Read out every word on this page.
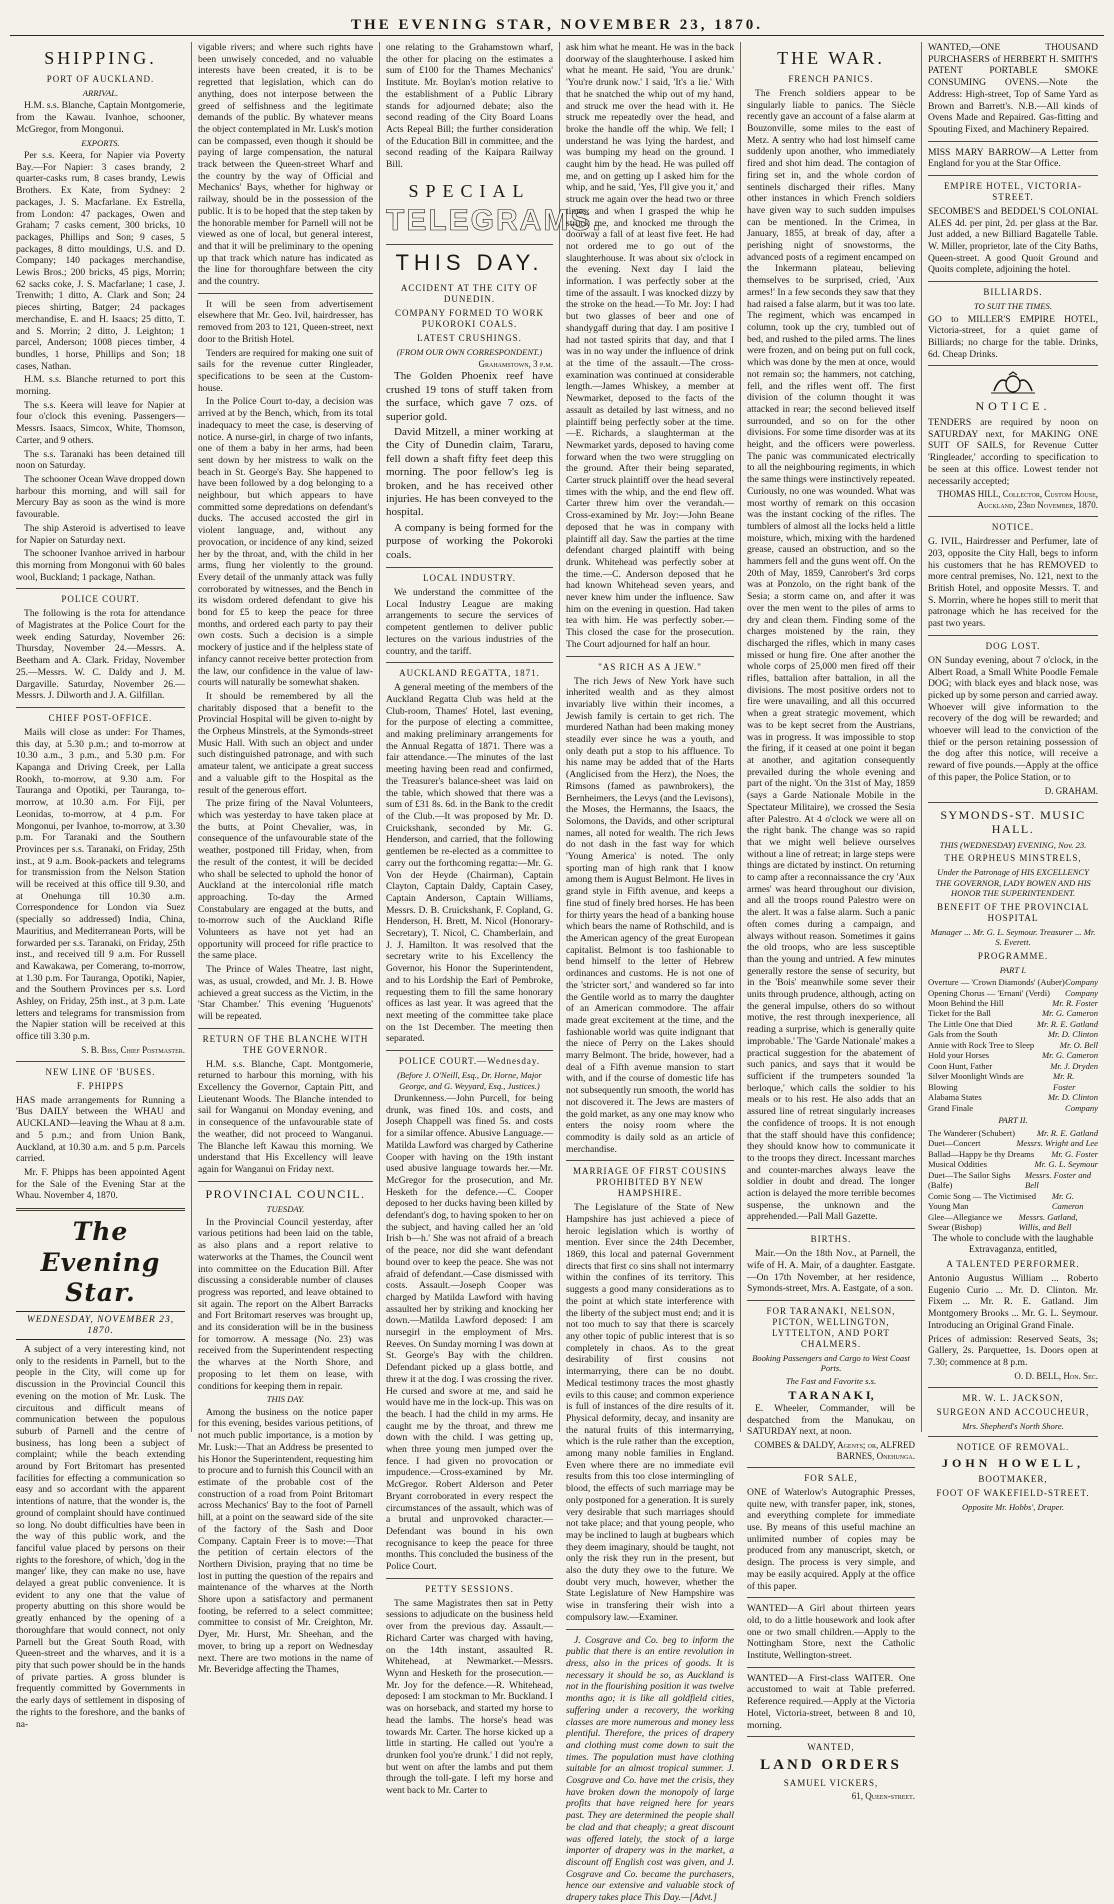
THE EVENING STAR, NOVEMBER 23, 1870.
SHIPPING.
PORT OF AUCKLAND.
ARRIVAL.

H.M. s.s. Blanche, Captain Montgomerie, from the Kawau. Ivanhoe, schooner, McGregor, from Mongonui.

EXPORTS.

Per s.s. Keera, for Napier via Poverty Bay.—For Napier: 3 cases brandy, 2 quarter-casks rum, 8 cases brandy, Lewis Brothers. Ex Kate, from Sydney: 2 packages, J. S. Macfarlane. Ex Estrella, from London: 47 packages, Owen and Graham; 7 casks cement, 300 bricks, 10 packages, Phillips and Son; 9 cases, 5 packages, 8 ditto mouldings, U.S. and D. Company; 140 packages merchandise, Lewis Bros.; 200 bricks, 45 pigs, Morrin; 62 sacks coke, J. S. Macfarlane; 1 case, J. Trenwith; 1 ditto, A. Clark and Son; 24 pieces shirting, Batger; 24 packages merchandise, E. and H. Isaacs; 25 ditto, T. and S. Morrin; 2 ditto, J. Leighton; 1 parcel, Anderson; 1008 pieces timber, 4 bundles, 1 horse, Phillips and Son; 18 cases, Nathan.

H.M. s.s. Blanche returned to port this morning.

The s.s. Keera will leave for Napier at four o'clock this evening. Passengers—Messrs. Isaacs, Simcox, White, Thomson, Carter, and 9 others.

The s.s. Taranaki has been detained till noon on Saturday.

The schooner Ocean Wave dropped down harbour this morning, and will sail for Mercury Bay as soon as the wind is more favourable.

The ship Asteroid is advertised to leave for Napier on Saturday next.

The schooner Ivanhoe arrived in harbour this morning from Mongonui with 60 bales wool, Buckland; 1 package, Nathan.

POLICE COURT.

The following is the rota for attendance of Magistrates at the Police Court for the week ending Saturday, November 26: Thursday, November 24.—Messrs. A. Beetham and A. Clark. Friday, November 25.—Messrs. W. C. Daldy and J. M. Dargaville. Saturday, November 26.—Messrs. J. Dilworth and J. A. Gilfillan.

CHIEF POST-OFFICE.

Mails will close as under: For Thames, this day, at 5.30 p.m.; and to-morrow at 10.30 a.m., 3 p.m., and 5.30 p.m. For Kapanga and Driving Creek, per Lalla Rookh, to-morrow, at 9.30 a.m. For Tauranga and Opotiki, per Tauranga, to-morrow, at 10.30 a.m. For Fiji, per Leonidas, to-morrow, at 4 p.m. For Mongonui, per Ivanhoe, to-morrow, at 3.30 p.m. For Taranaki and the Southern Provinces per s.s. Taranaki, on Friday, 25th inst., at 9 a.m. Book-packets and telegrams for transmission from the Nelson Station will be received at this office till 9.30, and at Onehunga till 10.30 a.m. Correspondence for London via Suez (specially so addressed) India, China, Mauritius, and Mediterranean Ports, will be forwarded per s.s. Taranaki, on Friday, 25th inst., and received till 9 a.m. For Russell and Kawakawa, per Comerang, to-morrow, at 1.30 p.m. For Tauranga, Opotiki, Napier, and the Southern Provinces per s.s. Lord Ashley, on Friday, 25th inst., at 3 p.m. Late letters and telegrams for transmission from the Napier station will be received at this office till 3.30 p.m.

S. B. Biss, Chief Postmaster.
NEW LINE OF 'BUSES.
F. PHIPPS

HAS made arrangements for Running a 'Bus DAILY between the WHAU and AUCKLAND—leaving the Whau at 8 a.m. and 5 p.m.; and from Union Bank, Auckland, at 10.30 a.m. and 5 p.m. Parcels carried.

Mr. F. Phipps has been appointed Agent for the Sale of the Evening Star at the Whau. November 4, 1870.

The Evening Star.
WEDNESDAY, NOVEMBER 23, 1870.

A subject of a very interesting kind, not only to the residents in Parnell, but to the people in the City, will come up for discussion in the Provincial Council this evening on the motion of Mr. Lusk. The circuitous and difficult means of communication between the populous suburb of Parnell and the centre of business, has long been a subject of complaint; while the beach extending around by Fort Britomart has presented facilities for effecting a communication so easy and so accordant with the apparent intentions of nature, that the wonder is, the ground of complaint should have continued so long. No doubt difficulties have been in the way of this public work, and the fanciful value placed by persons on their rights to the foreshore, of which, 'dog in the manger' like, they can make no use, have delayed a great public convenience. It is evident to any one that the value of property abutting on this shore would be greatly enhanced by the opening of a thoroughfare that would connect, not only Parnell but the Great South Road, with Queen-street and the wharves, and it is a pity that such power should be in the hands of private parties. A gross blunder is frequently committed by Governments in the early days of settlement in disposing of the rights to the foreshore, and the banks of na-

vigable rivers; and where such rights have been unwisely conceded, and no valuable interests have been created, it is to be regretted that legislation, which can do anything, does not interpose between the greed of selfishness and the legitimate demands of the public. By whatever means the object contemplated in Mr. Lusk's motion can be compassed, even though it should be paying of large compensation, the natural track between the Queen-street Wharf and the country by the way of Official and Mechanics' Bays, whether for highway or railway, should be in the possession of the public. It is to be hoped that the step taken by the honorable member for Parnell will not be viewed as one of local, but general interest, and that it will be preliminary to the opening up that track which nature has indicated as the line for thoroughfare between the city and the country.

It will be seen from advertisement elsewhere that Mr. Geo. Ivil, hairdresser, has removed from 203 to 121, Queen-street, next door to the British Hotel.

Tenders are required for making one suit of sails for the revenue cutter Ringleader, specifications to be seen at the Custom-house.

In the Police Court to-day, a decision was arrived at by the Bench, which, from its total inadequacy to meet the case, is deserving of notice. A nurse-girl, in charge of two infants, one of them a baby in her arms, had been sent down by her mistress to walk on the beach in St. George's Bay. She happened to have been followed by a dog belonging to a neighbour, but which appears to have committed some depredations on defendant's ducks. The accused accosted the girl in violent language, and, without any provocation, or incidence of any kind, seized her by the throat, and, with the child in her arms, flung her violently to the ground. Every detail of the unmanly attack was fully corroborated by witnesses, and the Bench in its wisdom ordered defendant to give his bond for £5 to keep the peace for three months, and ordered each party to pay their own costs. Such a decision is a simple mockery of justice and if the helpless state of infancy cannot receive better protection from the law, our confidence in the value of law-courts will naturally be somewhat shaken.

It should be remembered by all the charitably disposed that a benefit to the Provincial Hospital will be given to-night by the Orpheus Minstrels, at the Symonds-street Music Hall. With such an object and under such distinguished patronage, and with such amateur talent, we anticipate a great success and a valuable gift to the Hospital as the result of the generous effort.

The prize firing of the Naval Volunteers, which was yesterday to have taken place at the butts, at Point Chevalier, was, in consequence of the unfavourable state of the weather, postponed till Friday, when, from the result of the contest, it will be decided who shall be selected to uphold the honor of Auckland at the intercolonial rifle match approaching. To-day the Armed Constabulary are engaged at the butts, and to-morrow such of the Auckland Rifle Volunteers as have not yet had an opportunity will proceed for rifle practice to the same place.

The Prince of Wales Theatre, last night, was, as usual, crowded, and Mr. J. B. Howe achieved a great success as the Victim, in the 'Star Chamber.' This evening 'Huguenots' will be repeated.

RETURN OF THE BLANCHE WITH THE GOVERNOR.

H.M. s.s. Blanche, Capt. Montgomerie, returned to harbour this morning, with his Excellency the Governor, Captain Pitt, and Lieutenant Woods. The Blanche intended to sail for Wanganui on Monday evening, and in consequence of the unfavourable state of the weather, did not proceed to Wanganui. The Blanche left Kawau this morning. We understand that His Excellency will leave again for Wanganui on Friday next.

PROVINCIAL COUNCIL.
TUESDAY.

In the Provincial Council yesterday, after various petitions had been laid on the table, as also plans and a report relative to waterworks at the Thames, the Council went into committee on the Education Bill. After discussing a considerable number of clauses progress was reported, and leave obtained to sit again. The report on the Albert Barracks and Fort Britomart reserves was brought up, and its consideration will be in the business for tomorrow. A message (No. 23) was received from the Superintendent respecting the wharves at the North Shore, and proposing to let them on lease, with conditions for keeping them in repair.

THIS DAY.

Among the business on the notice paper for this evening, besides various petitions, of not much public importance, is a motion by Mr. Lusk:—That an Address be presented to his Honor the Superintendent, requesting him to procure and to furnish this Council with an estimate of the probable cost of the construction of a road from Point Britomart across Mechanics' Bay to the foot of Parnell hill, at a point on the seaward side of the site of the factory of the Sash and Door Company. Captain Freer is to move:—That the petition of certain electors of the Northern Division, praying that no time be lost in putting the question of the repairs and maintenance of the wharves at the North Shore upon a satisfactory and permanent footing, be referred to a select committee; committee to consist of Mr. Creighton, Mr. Dyer, Mr. Hurst, Mr. Sheehan, and the mover, to bring up a report on Wednesday next. There are two motions in the name of Mr. Beveridge affecting the Thames,

one relating to the Grahamstown wharf, the other for placing on the estimates a sum of £100 for the Thames Mechanics' Institute. Mr. Boylan's motion relative to the establishment of a Public Library stands for adjourned debate; also the second reading of the City Board Loans Acts Repeal Bill; the further consideration of the Education Bill in committee, and the second reading of the Kaipara Railway Bill.

SPECIAL
TELEGRAMS.
THIS DAY.
ACCIDENT AT THE CITY OF DUNEDIN.
COMPANY FORMED TO WORK PUKOROKI COALS.
LATEST CRUSHINGS.
(FROM OUR OWN CORRESPONDENT.)
Grahamstown, 3 p.m.

The Golden Phoenix reef have crushed 19 tons of stuff taken from the surface, which gave 7 ozs. of superior gold.

David Mitzell, a miner working at the City of Dunedin claim, Tararu, fell down a shaft fifty feet deep this morning. The poor fellow's leg is broken, and he has received other injuries. He has been conveyed to the hospital.

A company is being formed for the purpose of working the Pokoroki coals.

LOCAL INDUSTRY.

We understand the committee of the Local Industry League are making arrangements to secure the services of competent gentlemen to deliver public lectures on the various industries of the country, and the tariff.

AUCKLAND REGATTA, 1871.

A general meeting of the members of the Auckland Regatta Club was held at the Club-room, Thames' Hotel, last evening, for the purpose of electing a committee, and making preliminary arrangements for the Annual Regatta of 1871. There was a fair attendance.—The minutes of the last meeting having been read and confirmed, the Treasurer's balance-sheet was laid on the table, which showed that there was a sum of £31 8s. 6d. in the Bank to the credit of the Club.—It was proposed by Mr. D. Cruickshank, seconded by Mr. G. Henderson, and carried, that the following gentlemen be re-elected as a committee to carry out the forthcoming regatta:—Mr. G. Von der Heyde (Chairman), Captain Clayton, Captain Daldy, Captain Casey, Captain Anderson, Captain Williams, Messrs. D. B. Cruickshank, F. Copland, G. Henderson, H. Brett, M. Nicol (Honorary-Secretary), T. Nicol, C. Chamberlain, and J. J. Hamilton. It was resolved that the secretary write to his Excellency the Governor, his Honor the Superintendent, and to his Lordship the Earl of Pembroke, requesting them to fill the same honorary offices as last year. It was agreed that the next meeting of the committee take place on the 1st December. The meeting then separated.

POLICE COURT.—Wednesday.
(Before J. O'Neill, Esq., Dr. Horne, Major George, and G. Weyyard, Esq., Justices.)

Drunkenness.—John Purcell, for being drunk, was fined 10s. and costs, and Joseph Chappell was fined 5s. and costs for a similar offence. Abusive Language.—Matilda Lawford was charged by Catherine Cooper with having on the 19th instant used abusive language towards her.—Mr. McGregor for the prosecution, and Mr. Hesketh for the defence.—C. Cooper deposed to her ducks having been killed by defendant's dog, to having spoken to her on the subject, and having called her an 'old Irish b—h.' She was not afraid of a breach of the peace, nor did she want defendant bound over to keep the peace. She was not afraid of defendant.—Case dismissed with costs. Assault.—Joseph Cooper was charged by Matilda Lawford with having assaulted her by striking and knocking her down.—Matilda Lawford deposed: I am nursegirl in the employment of Mrs. Reeves. On Sunday morning I was down at St. George's Bay with the children. Defendant picked up a glass bottle, and threw it at the dog. I was crossing the river. He cursed and swore at me, and said he would have me in the lock-up. This was on the beach. I had the child in my arms. He caught me by the throat, and threw me down with the child. I was getting up, when three young men jumped over the fence. I had given no provocation or impudence.—Cross-examined by Mr. McGregor. Robert Alderson and Peter Bryant corroborated in every respect the circumstances of the assault, which was of a brutal and unprovoked character.—Defendant was bound in his own recognisance to keep the peace for three months. This concluded the business of the Police Court.

PETTY SESSIONS.

The same Magistrates then sat in Petty sessions to adjudicate on the business held over from the previous day. Assault.—Richard Carter was charged with having, on the 14th instant, assaulted R. Whitehead, at Newmarket.—Messrs. Wynn and Hesketh for the prosecution.—Mr. Joy for the defence.—R. Whitehead, deposed: I am stockman to Mr. Buckland. I was on horseback, and started my horse to head the lambs. The horse's head was towards Mr. Carter. The horse kicked up a little in starting. He called out 'you're a drunken fool you're drunk.' I did not reply, but went on after the lambs and put them through the toll-gate. I left my horse and went back to Mr. Carter to

ask him what he meant. He was in the back doorway of the slaughterhouse. I asked him what he meant. He said, 'You are drunk.' 'You're drunk now.' I said, 'It's a lie.' With that he snatched the whip out of my hand, and struck me over the head with it. He struck me repeatedly over the head, and broke the handle off the whip. We fell; I understand he was lying the hardest, and was bumping my head on the ground. I caught him by the head. He was pulled off me, and on getting up I asked him for the whip, and he said, 'Yes, I'll give you it,' and struck me again over the head two or three times; and when I grasped the whip he struck me, and knocked me through the doorway a fall of at least five feet. He had not ordered me to go out of the slaughterhouse. It was about six o'clock in the evening. Next day I laid the information. I was perfectly sober at the time of the assault. I was knocked dizzy by the stroke on the head.—To Mr. Joy: I had but two glasses of beer and one of shandygaff during that day. I am positive I had not tasted spirits that day, and that I was in no way under the influence of drink at the time of the assault.—The cross-examination was continued at considerable length.—James Whiskey, a member at Newmarket, deposed to the facts of the assault as detailed by last witness, and no plaintiff being perfectly sober at the time.—E. Richards, a slaughterman at the Newmarket yards, deposed to having come forward when the two were struggling on the ground. After their being separated, Carter struck plaintiff over the head several times with the whip, and the end flew off. Carter threw him over the verandah.—Cross-examined by Mr. Joy:—John Beane deposed that he was in company with plaintiff all day. Saw the parties at the time defendant charged plaintiff with being drunk. Whitehead was perfectly sober at the time.—C. Anderson deposed that he had known Whitehead seven years, and never knew him under the influence. Saw him on the evening in question. Had taken tea with him. He was perfectly sober.—This closed the case for the prosecution. The Court adjourned for half an hour.

"AS RICH AS A JEW."

The rich Jews of New York have such inherited wealth and as they almost invariably live within their incomes, a Jewish family is certain to get rich. The murdered Nathan had been making money steadily ever since he was a youth, and only death put a stop to his affluence. To his name may be added that of the Harts (Anglicised from the Herz), the Noes, the Rimsons (famed as pawnbrokers), the Bernheimers, the Levys (and the Levisons), the Moses, the Hermanns, the Isaacs, the Solomons, the Davids, and other scriptural names, all noted for wealth. The rich Jews do not dash in the fast way for which 'Young America' is noted. The only sporting man of high rank that I know among them is August Belmont. He lives in grand style in Fifth avenue, and keeps a fine stud of finely bred horses. He has been for thirty years the head of a banking house which bears the name of Rothschild, and is the American agency of the great European capitalist. Belmont is too fashionable to bend himself to the letter of Hebrew ordinances and customs. He is not one of the 'stricter sort,' and wandered so far into the Gentile world as to marry the daughter of an American commodore. The affair made great excitement at the time, and the fashionable world was quite indignant that the niece of Perry on the Lakes should marry Belmont. The bride, however, had a deal of a Fifth avenue mansion to start with, and if the course of domestic life has not subsequently run smooth, the world has not discovered it. The Jews are masters of the gold market, as any one may know who enters the noisy room where the commodity is daily sold as an article of merchandise.

MARRIAGE OF FIRST COUSINS PROHIBITED BY NEW HAMPSHIRE.

The Legislature of the State of New Hampshire has just achieved a piece of heroic legislation which is worthy of mention. Ever since the 24th December, 1869, this local and paternal Government directs that first co sins shall not intermarry within the confines of its territory. This suggests a good many considerations as to the point at which state interference with the liberty of the subject must end; and it is not too much to say that there is scarcely any other topic of public interest that is so completely in chaos. As to the great desirability of first cousins not intermarrying, there can be no doubt. Medical testimony traces the most ghastly evils to this cause; and common experience is full of instances of the dire results of it. Physical deformity, decay, and insanity are the natural fruits of this intermarrying, which is the rule rather than the exception, among many noble families in England. Even where there are no immediate evil results from this too close intermingling of blood, the effects of such marriage may be only postponed for a generation. It is surely very desirable that such marriages should not take place; and that young people, who may be inclined to laugh at bugbears which they deem imaginary, should be taught, not only the risk they run in the present, but also the duty they owe to the future. We doubt very much, however, whether the State Legislature of New Hampshire was wise in transfering their wish into a compulsory law.—Examiner.

J. Cosgrave and Co. beg to inform the public that there is an entire revolution in dress, also in the prices of goods. It is necessary it should be so, as Auckland is not in the flourishing position it was twelve months ago; it is like all goldfield cities, suffering under a recovery, the working classes are more numerous and money less plentiful. Therefore, the prices of drapery and clothing must come down to suit the times. The population must have clothing suitable for an almost tropical summer. J. Cosgrave and Co. have met the crisis, they have broken down the monopoly of large profits that have reigned here for years past. They are determined the people shall be clad and that cheaply; a great discount was offered lately, the stock of a large importer of drapery was in the market, a discount off English cost was given, and J. Cosgrave and Co. became the purchasers, hence our extensive and valuable stock of drapery takes place This Day.—[Advt.]

THE WAR.
FRENCH PANICS.

The French soldiers appear to be singularly liable to panics. The Siècle recently gave an account of a false alarm at Bouzonville, some miles to the east of Metz. A sentry who had lost himself came suddenly upon another, who immediately fired and shot him dead. The contagion of firing set in, and the whole cordon of sentinels discharged their rifles. Many other instances in which French soldiers have given way to such sudden impulses can be mentioned. In the Crimea, in January, 1855, at break of day, after a perishing night of snowstorms, the advanced posts of a regiment encamped on the Inkermann plateau, believing themselves to be surprised, cried, 'Aux armes!' In a few seconds they saw that they had raised a false alarm, but it was too late. The regiment, which was encamped in column, took up the cry, tumbled out of bed, and rushed to the piled arms. The lines were frozen, and on being put on full cock, which was done by the men at once, would not remain so; the hammers, not catching, fell, and the rifles went off. The first division of the column thought it was attacked in rear; the second believed itself surrounded, and so on for the other divisions. For some time disorder was at its height, and the officers were powerless. The panic was communicated electrically to all the neighbouring regiments, in which the same things were instinctively repeated. Curiously, no one was wounded. What was most worthy of remark on this occasion was the instant cocking of the rifles. The tumblers of almost all the locks held a little moisture, which, mixing with the hardened grease, caused an obstruction, and so the hammers fell and the guns went off. On the 20th of May, 1859, Canrobert's 3rd corps was at Ponzolo, on the right bank of the Sesia; a storm came on, and after it was over the men went to the piles of arms to dry and clean them. Finding some of the charges moistened by the rain, they discharged the rifles, which in many cases missed or hung fire. One after another the whole corps of 25,000 men fired off their rifles, battalion after battalion, in all the divisions. The most positive orders not to fire were unavailing, and all this occurred when a great strategic movement, which was to be kept secret from the Austrians, was in progress. It was impossible to stop the firing, if it ceased at one point it began at another, and agitation consequently prevailed during the whole evening and part of the night. 'On the 31st of May, 1859 (says a Garde Nationale Mobile in the Spectateur Militaire), we crossed the Sesia after Palestro. At 4 o'clock we were all on the right bank. The change was so rapid that we might well believe ourselves without a line of retreat; in large steps were things are dictated by instinct. On returning to camp after a reconnaissance the cry 'Aux armes' was heard throughout our division, and all the troops round Palestro were on the alert. It was a false alarm. Such a panic often comes during a campaign, and always without reason. Sometimes it gains the old troops, who are less susceptible than the young and untried. A few minutes generally restore the sense of security, but in the 'Bois' meanwhile some sever their units through prudence, although, acting on the general impulse, others do so without motive, the rest through inexperience, all reading a surprise, which is generally quite improbable.' The 'Garde Nationale' makes a practical suggestion for the abatement of such panics, and says that it would be sufficient if the trumpeters sounded 'la berloque,' which calls the soldier to his meals or to his rest. He also adds that an assured line of retreat singularly increases the confidence of troops. It is not enough that the staff should have this confidence; they should know how to communicate it to the troops they direct. Incessant marches and counter-marches always leave the soldier in doubt and dread. The longer action is delayed the more terrible becomes suspense, the unknown and the apprehended.—Pall Mall Gazette.

BIRTHS.

Mair.—On the 18th Nov., at Parnell, the wife of H. A. Mair, of a daughter. Eastgate.—On 17th November, at her residence, Symonds-street, Mrs. A. Eastgate, of a son.

FOR TARANAKI, NELSON, PICTON, WELLINGTON, LYTTELTON, AND PORT CHALMERS.
Booking Passengers and Cargo to West Coast Ports.
The Fast and Favorite s.s.
T A R A N A K I,

E. Wheeler, Commander, will be despatched from the Manukau, on SATURDAY next, at noon.

COMBES & DALDY, Agents; or, ALFRED BARNES, Onehunga.
FOR SALE,

ONE of Waterlow's Autographic Presses, quite new, with transfer paper, ink, stones, and everything complete for immediate use. By means of this useful machine an unlimited number of copies may be produced from any manuscript, sketch, or design. The process is very simple, and may be easily acquired. Apply at the office of this paper.

WANTED—A Girl about thirteen years old, to do a little housework and look after one or two small children.—Apply to the Nottingham Store, next the Catholic Institute, Wellington-street.

WANTED—A First-class WAITER. One accustomed to wait at Table preferred. Reference required.—Apply at the Victoria Hotel, Victoria-street, between 8 and 10, morning.

WANTED,
LAND ORDERS
SAMUEL VICKERS,
61, Queen-street.

WANTED,—ONE THOUSAND PURCHASERS of HERBERT H. SMITH'S PATENT PORTABLE SMOKE CONSUMING OVENS.—Note the Address: High-street, Top of Same Yard as Brown and Barrett's. N.B.—All kinds of Ovens Made and Repaired. Gas-fitting and Spouting Fixed, and Machinery Repaired.

MISS MARY BARROW—A Letter from England for you at the Star Office.

EMPIRE HOTEL, VICTORIA-STREET.

SECOMBE'S and BEDDEL'S COLONIAL ALES 4d. per pint, 2d. per glass at the Bar. Just added, a new Billiard Bagatelle Table. W. Miller, proprietor, late of the City Baths, Queen-street. A good Quoit Ground and Quoits complete, adjoining the hotel.

BILLIARDS.
TO SUIT THE TIMES.

GO to MILLER'S EMPIRE HOTEL, Victoria-street, for a quiet game of Billiards; no charge for the table. Drinks, 6d. Cheap Drinks.

NOTICE.

TENDERS are required by noon on SATURDAY next, for MAKING ONE SUIT OF SAILS, for Revenue Cutter 'Ringleader,' according to specification to be seen at this office. Lowest tender not necessarily accepted;

THOMAS HILL, Collector, Custom House, Auckland, 23rd November, 1870.
NOTICE.

G. IVIL, Hairdresser and Perfumer, late of 203, opposite the City Hall, begs to inform his customers that he has REMOVED to more central premises, No. 121, next to the British Hotel, and opposite Messrs. T. and S. Morrin, where he hopes still to merit that patronage which he has received for the past two years.

DOG LOST.

ON Sunday evening, about 7 o'clock, in the Albert Road, a Small White Poodle Female DOG; with black eyes and black nose, was picked up by some person and carried away. Whoever will give information to the recovery of the dog will be rewarded; and whoever will lead to the conviction of the thief or the person retaining possession of the dog after this notice, will receive a reward of five pounds.—Apply at the office of this paper, the Police Station, or to

D. GRAHAM.
SYMONDS-ST. MUSIC HALL.
THIS (WEDNESDAY) EVENING, Nov. 23.
THE ORPHEUS MINSTRELS,
Under the Patronage of HIS EXCELLENCY THE GOVERNOR, LADY BOWEN AND HIS HONOR THE SUPERINTENDENT.
BENEFIT OF THE PROVINCIAL HOSPITAL
Manager ... Mr. G. L. Seymour. Treasurer ... Mr. S. Everett.
PROGRAMME.
PART I.
Overture — 'Crown Diamonds' (Auber) Company
Opening Chorus — 'Ernani' (Verdi) Company
Moon Behind the Hill	Mr. R. Foster
Ticket for the Ball	Mr. G. Cameron
The Little One that Died	Mr. R. E. Gatland
Gals from the South	Mr. D. Clinton
Annie with Rock Tree to Sleep	Mr. O. Bell
Hold your Horses	Mr. G. Cameron
Coon Hunt, Father	Mr. J. Dryden
Silver Moonlight Winds are Blowing
Mr. R. Foster
Alabama States	Mr. D. Clinton
Grand Finale	Company
PART II.
The Wanderer (Schubert)	Mr. R. E. Gatland
Duet—Concert	Messrs. Wright and Lee
Ballad—Happy be thy Dreams Mr. G. Foster
Musical Oddities	Mr. G. L. Seymour
Duet—The Sailor Sighs (Balfe)
Messrs. Foster and Bell
Comic Song — The Victimised Young Man
Mr. G. Cameron
Glee—Allegiance we Swear (Bishop)
Messrs. Gatland, Willis, and Bell

The whole to conclude with the laughable Extravaganza, entitled,

A TALENTED PERFORMER.

Antonio Augustus William ... Roberto Eugenio Curio ... Mr. D. Clinton. Mr. Fixem ... Mr. R. E. Gatland. Jim Montgomery Brooks ... Mr. G. L. Seymour. Introducing an Original Grand Finale.

Prices of admission: Reserved Seats, 3s; Gallery, 2s. Parquetteе, 1s. Doors open at 7.30; commence at 8 p.m.

O. D. BELL, Hon. Sec.
MR. W. L. JACKSON,
SURGEON AND ACCOUCHEUR,
Mrs. Shepherd's North Shore.
NOTICE OF REMOVAL.
JOHN HOWELL,
BOOTMAKER,
FOOT OF WAKEFIELD-STREET.
Opposite Mr. Hobbs', Draper.
